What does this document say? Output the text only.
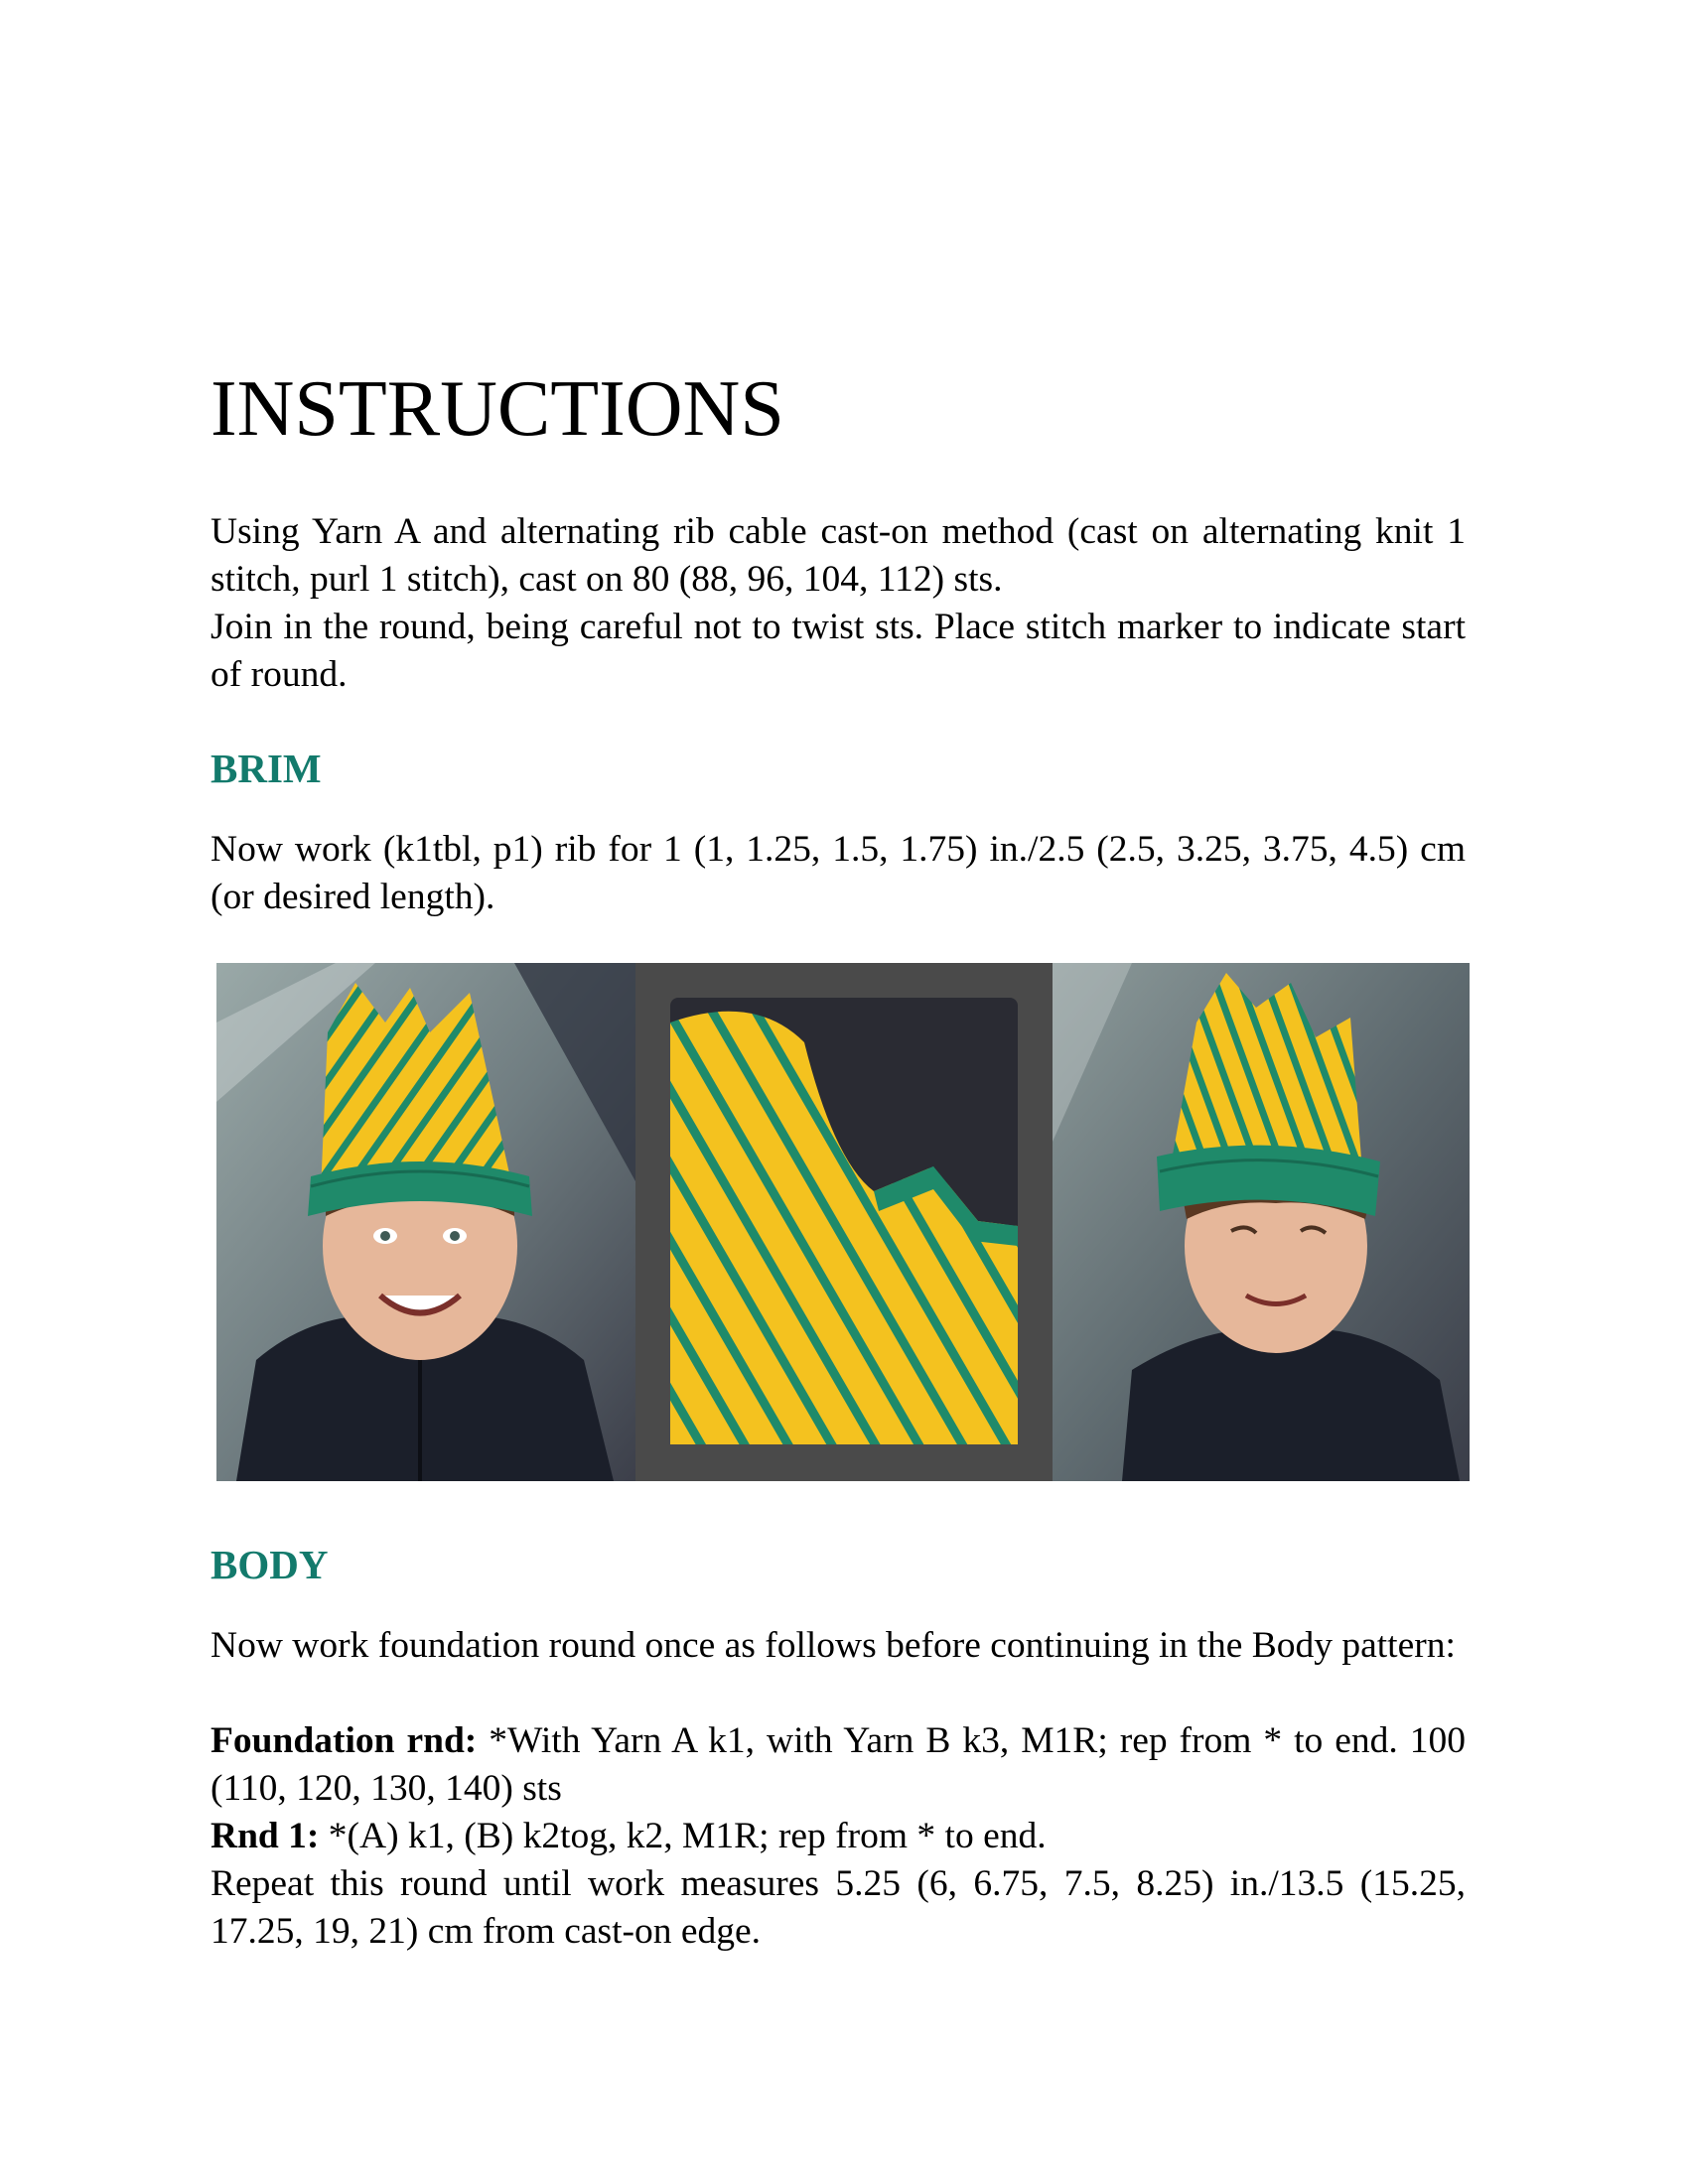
INSTRUCTIONS

Using Yarn A and alternating rib cable cast-on method (cast on alternating knit 1 stitch, purl 1 stitch), cast on 80 (88, 96, 104, 112) sts.

Join in the round, being careful not to twist sts. Place stitch marker to indicate start of round.

BRIM

Now work (k1tbl, p1) rib for 1 (1, 1.25, 1.5, 1.75) in./2.5 (2.5, 3.25, 3.75, 4.5) cm (or desired length).

BODY

Now work foundation round once as follows before continuing in the Body pattern:

Foundation rnd: *With Yarn A k1, with Yarn B k3, M1R; rep from * to end. 100 (110, 120, 130, 140) sts

Rnd 1: *(A) k1, (B) k2tog, k2, M1R; rep from * to end.

Repeat this round until work measures 5.25 (6, 6.75, 7.5, 8.25) in./13.5 (15.25, 17.25, 19, 21) cm from cast-on edge.
